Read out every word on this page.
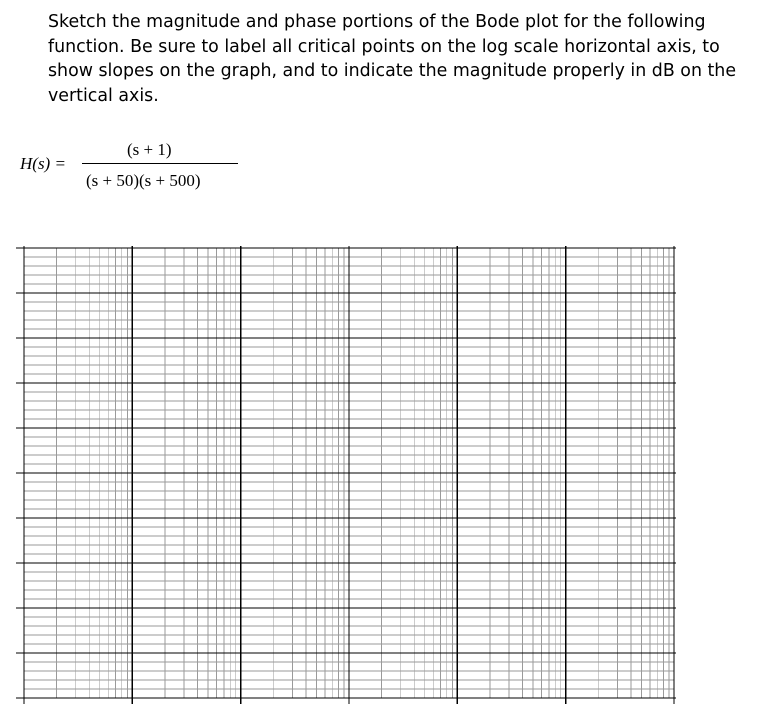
Sketch the magnitude and phase portions of the Bode plot for the following function. Be sure to label all critical points on the log scale horizontal axis, to show slopes on the graph, and to indicate the magnitude properly in dB on the vertical axis.

H(s) =
(s + 1)
(s + 50)(s + 500)
